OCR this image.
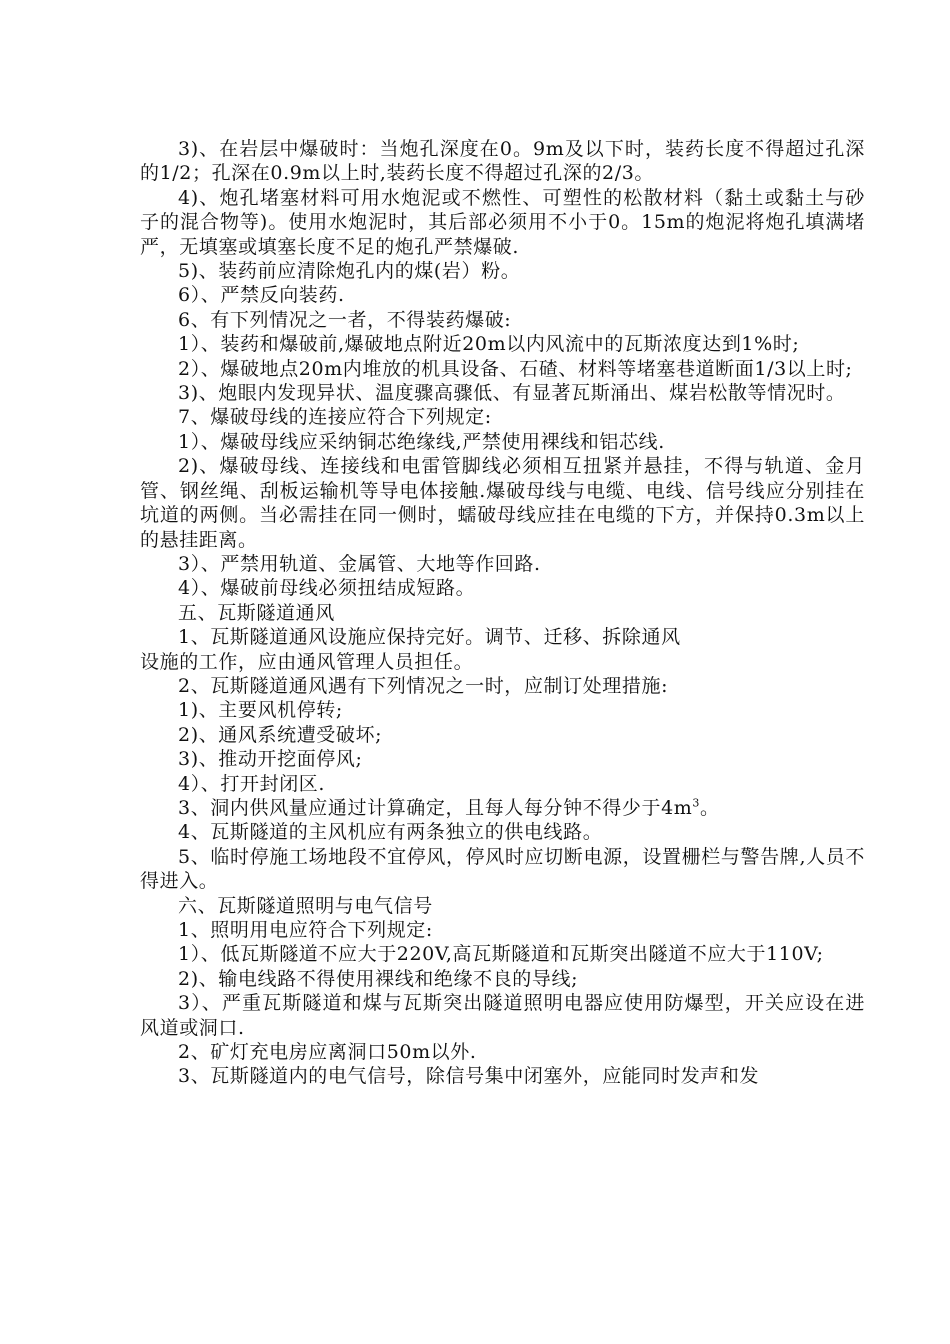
3)、在岩层中爆破时：当炮孔深度在0。9m及以下时，装药长度不得超过孔深的1/2；孔深在0.9m以上时,装药长度不得超过孔深的2/3。

4)、炮孔堵塞材料可用水炮泥或不燃性、可塑性的松散材料（黏土或黏土与砂子的混合物等)。使用水炮泥时，其后部必须用不小于0。15m的炮泥将炮孔填满堵严，无填塞或填塞长度不足的炮孔严禁爆破.

5)、装药前应清除炮孔内的煤(岩）粉。

6）、严禁反向装药.

6、有下列情况之一者，不得装药爆破:

1）、装药和爆破前,爆破地点附近20m以内风流中的瓦斯浓度达到1%时;

2）、爆破地点20m内堆放的机具设备、石碴、材料等堵塞巷道断面1/3以上时;

3)、炮眼内发现异状、温度骤高骤低、有显著瓦斯涌出、煤岩松散等情况时。

7、爆破母线的连接应符合下列规定:

1）、爆破母线应采纳铜芯绝缘线,严禁使用裸线和铝芯线.

2)、爆破母线、连接线和电雷管脚线必须相互扭紧并悬挂，不得与轨道、金月管、钢丝绳、刮板运输机等导电体接触.爆破母线与电缆、电线、信号线应分别挂在坑道的两侧。当必需挂在同一侧时，蠕破母线应挂在电缆的下方，并保持0.3m以上的悬挂距离。

3）、严禁用轨道、金属管、大地等作回路.

4）、爆破前母线必须扭结成短路。

五、瓦斯隧道通风

1、瓦斯隧道通风设施应保持完好。调节、迁移、拆除通风

设施的工作，应由通风管理人员担任。

2、瓦斯隧道通风遇有下列情况之一时，应制订处理措施:

1)、主要风机停转;

2)、通风系统遭受破坏;

3)、推动开挖面停风;

4）、打开封闭区.

3、洞内供风量应通过计算确定，且每人每分钟不得少于$4m^3$。

4、瓦斯隧道的主风机应有两条独立的供电线路。

5、临时停施工场地段不宜停风，停风时应切断电源，设置栅栏与警告牌,人员不得进入。

六、瓦斯隧道照明与电气信号

1、照明用电应符合下列规定:

1）、低瓦斯隧道不应大于220V,高瓦斯隧道和瓦斯突出隧道不应大于110V;

2)、输电线路不得使用裸线和绝缘不良的导线;

3）、严重瓦斯隧道和煤与瓦斯突出隧道照明电器应使用防爆型，开关应设在进风道或洞口.

2、矿灯充电房应离洞口50m以外.

3、瓦斯隧道内的电气信号，除信号集中闭塞外，应能同时发声和发
